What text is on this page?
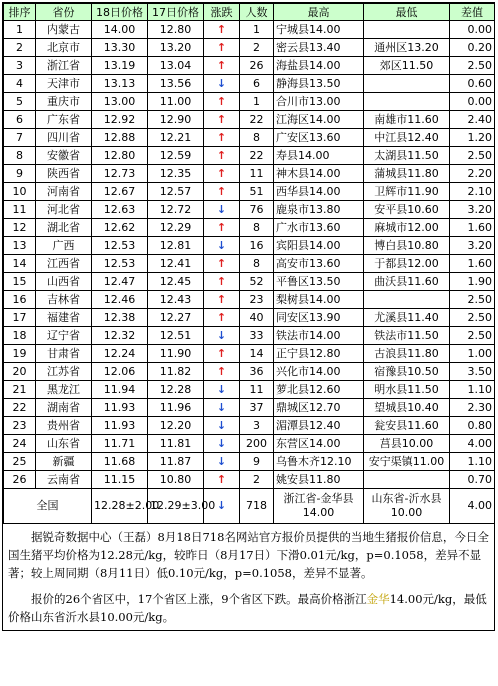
排序	省份	18日价格	17日价格	涨跌	人数	最高	最低	差值
1	内蒙古	14.00	12.80	↑	1	宁城县14.00		0.00
2	北京市	13.30	13.20	↑	2	密云县13.40	通州区13.20	0.20
3	浙江省	13.19	13.04	↑	26	海盐县14.00	郊区11.50	2.50
4	天津市	13.13	13.56	↓	6	静海县13.50		0.60
5	重庆市	13.00	11.00	↑	1	合川市13.00		0.00
6	广东省	12.92	12.90	↑	22	江海区14.00	南雄市11.60	2.40
7	四川省	12.88	12.21	↑	8	广安区13.60	中江县12.40	1.20
8	安徽省	12.80	12.59	↑	22	寿县14.00	太湖县11.50	2.50
9	陕西省	12.73	12.35	↑	11	神木县14.00	蒲城县11.80	2.20
10	河南省	12.67	12.57	↑	51	西华县14.00	卫辉市11.90	2.10
11	河北省	12.63	12.72	↓	76	鹿泉市13.80	安平县10.60	3.20
12	湖北省	12.62	12.29	↑	8	广水市13.60	麻城市12.00	1.60
13	广西	12.53	12.81	↓	16	宾阳县14.00	博白县10.80	3.20
14	江西省	12.53	12.41	↑	8	高安市13.60	于都县12.00	1.60
15	山西省	12.47	12.45	↑	52	平鲁区13.50	曲沃县11.60	1.90
16	吉林省	12.46	12.43	↑	23	梨树县14.00		2.50
17	福建省	12.38	12.27	↑	40	同安区13.90	尤溪县11.40	2.50
18	辽宁省	12.32	12.51	↓	33	铁法市14.00	铁法市11.50	2.50
19	甘肃省	12.24	11.90	↑	14	正宁县12.80	古浪县11.80	1.00
20	江苏省	12.06	11.82	↑	36	兴化市14.00	宿豫县10.50	3.50
21	黑龙江	11.94	12.28	↓	11	萝北县12.60	明水县11.50	1.10
22	湖南省	11.93	11.96	↓	37	鼎城区12.70	望城县10.40	2.30
23	贵州省	11.93	12.20	↓	3	湄潭县12.40	瓮安县11.60	0.80
24	山东省	11.71	11.81	↓	200	东营区14.00	莒县10.00	4.00
25	新疆	11.68	11.87	↓	9	乌鲁木齐12.10	安宁渠镇11.00	1.10
26	云南省	11.15	10.80	↑	2	姚安县11.80		0.70
全国		12.28±2.00	12.29±3.00	↓	718	浙江省-金华县14.00	山东省-沂水县10.00	4.00

据锐奇数据中心（王磊）8月18日718名网站官方报价员提供的当地生猪报价信息，今日全国生猪平均价格为12.28元/kg，较昨日（8月17日）下滑0.01元/kg，p=0.1058，差异不显著；较上周同期（8月11日）低0.10元/kg，p=0.1058，差异不显著。

报价的26个省区中，17个省区上涨，9个省区下跌。最高价格浙江金华14.00元/kg，最低价格山东省沂水县10.00元/kg。
